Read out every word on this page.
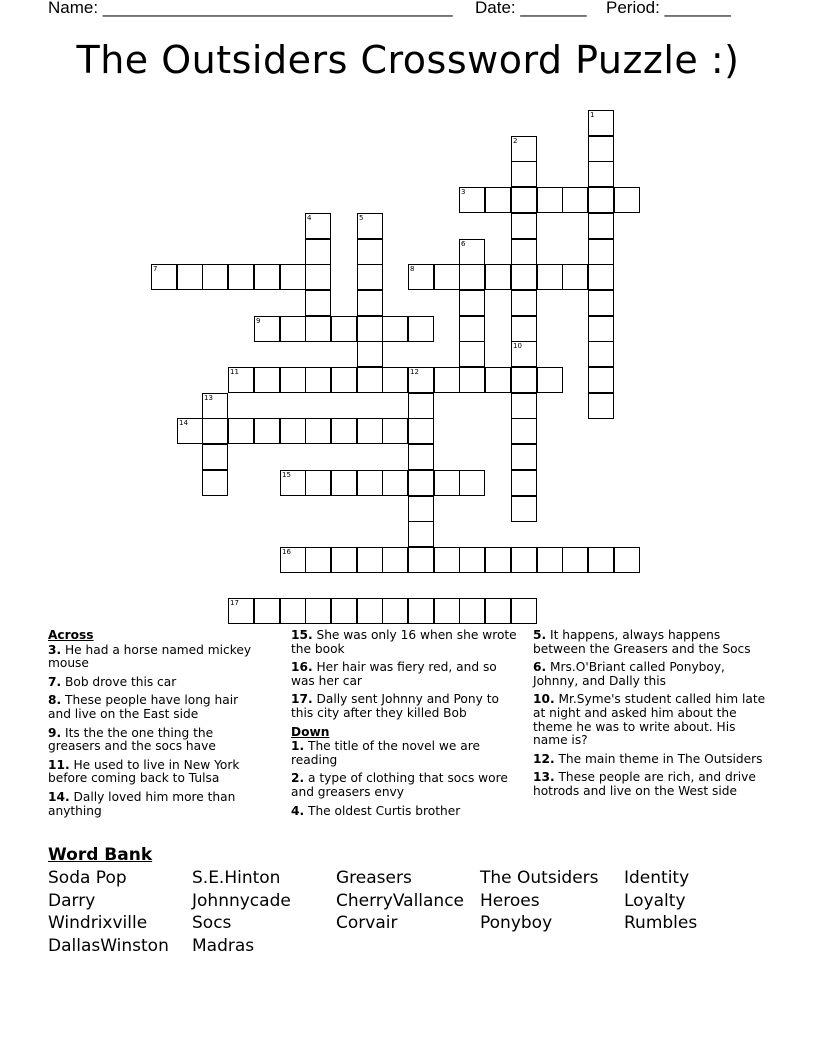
Name: _____________________________________ Date: _______ Period: _______
The Outsiders Crossword Puzzle :)
1
2
3
4	5
6
7	8
9
10
11	12
13
14
15
16
17
Across
3. He had a horse named mickey mouse
7. Bob drove this car
8. These people have long hair and live on the East side
9. Its the the one thing the greasers and the socs have
11. He used to live in New York before coming back to Tulsa
14. Dally loved him more than anything
15. She was only 16 when she wrote the book
16. Her hair was fiery red, and so was her car
17. Dally sent Johnny and Pony to this city after they killed Bob
Down
1. The title of the novel we are reading
2. a type of clothing that socs wore and greasers envy
4. The oldest Curtis brother
5. It happens, always happens between the Greasers and the Socs
6. Mrs.O'Briant called Ponyboy, Johnny, and Dally this
10. Mr.Syme's student called him late at night and asked him about the theme he was to write about. His name is?
12. The main theme in The Outsiders
13. These people are rich, and drive hotrods and live on the West side
Word Bank
Soda Pop	S.E.Hinton	Greasers	The Outsiders Identity
Darry	Johnnycade	CherryVallance Heroes	Loyalty
Windrixville	Socs	Corvair	Ponyboy	Rumbles
DallasWinston Madras
